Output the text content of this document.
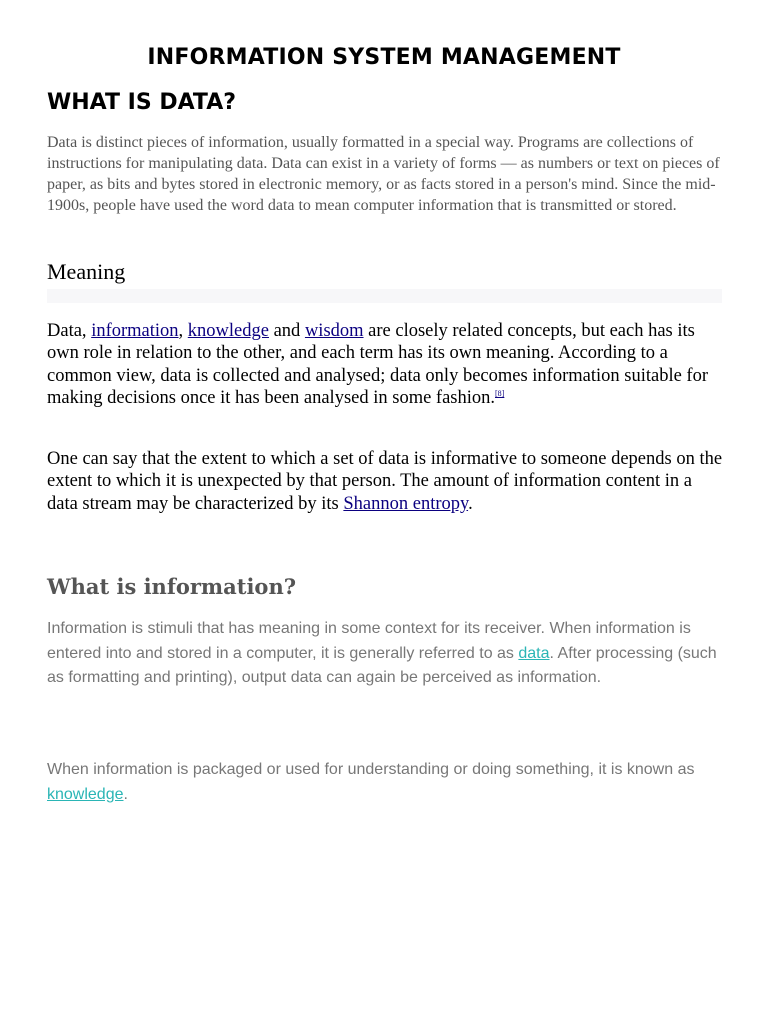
INFORMATION SYSTEM MANAGEMENT
WHAT IS DATA?

Data is distinct pieces of information, usually formatted in a special way. Programs are collections of instructions for manipulating data. Data can exist in a variety of forms — as numbers or text on pieces of paper, as bits and bytes stored in electronic memory, or as facts stored in a person's mind. Since the mid-1900s, people have used the word data to mean computer information that is transmitted or stored.

Meaning

Data, information, knowledge and wisdom are closely related concepts, but each has its own role in relation to the other, and each term has its own meaning. According to a common view, data is collected and analysed; data only becomes information suitable for making decisions once it has been analysed in some fashion.[8]

One can say that the extent to which a set of data is informative to someone depends on the extent to which it is unexpected by that person. The amount of information content in a data stream may be characterized by its Shannon entropy.

What is information?

Information is stimuli that has meaning in some context for its receiver. When information is entered into and stored in a computer, it is generally referred to as data. After processing (such as formatting and printing), output data can again be perceived as information.

When information is packaged or used for understanding or doing something, it is known as knowledge.
